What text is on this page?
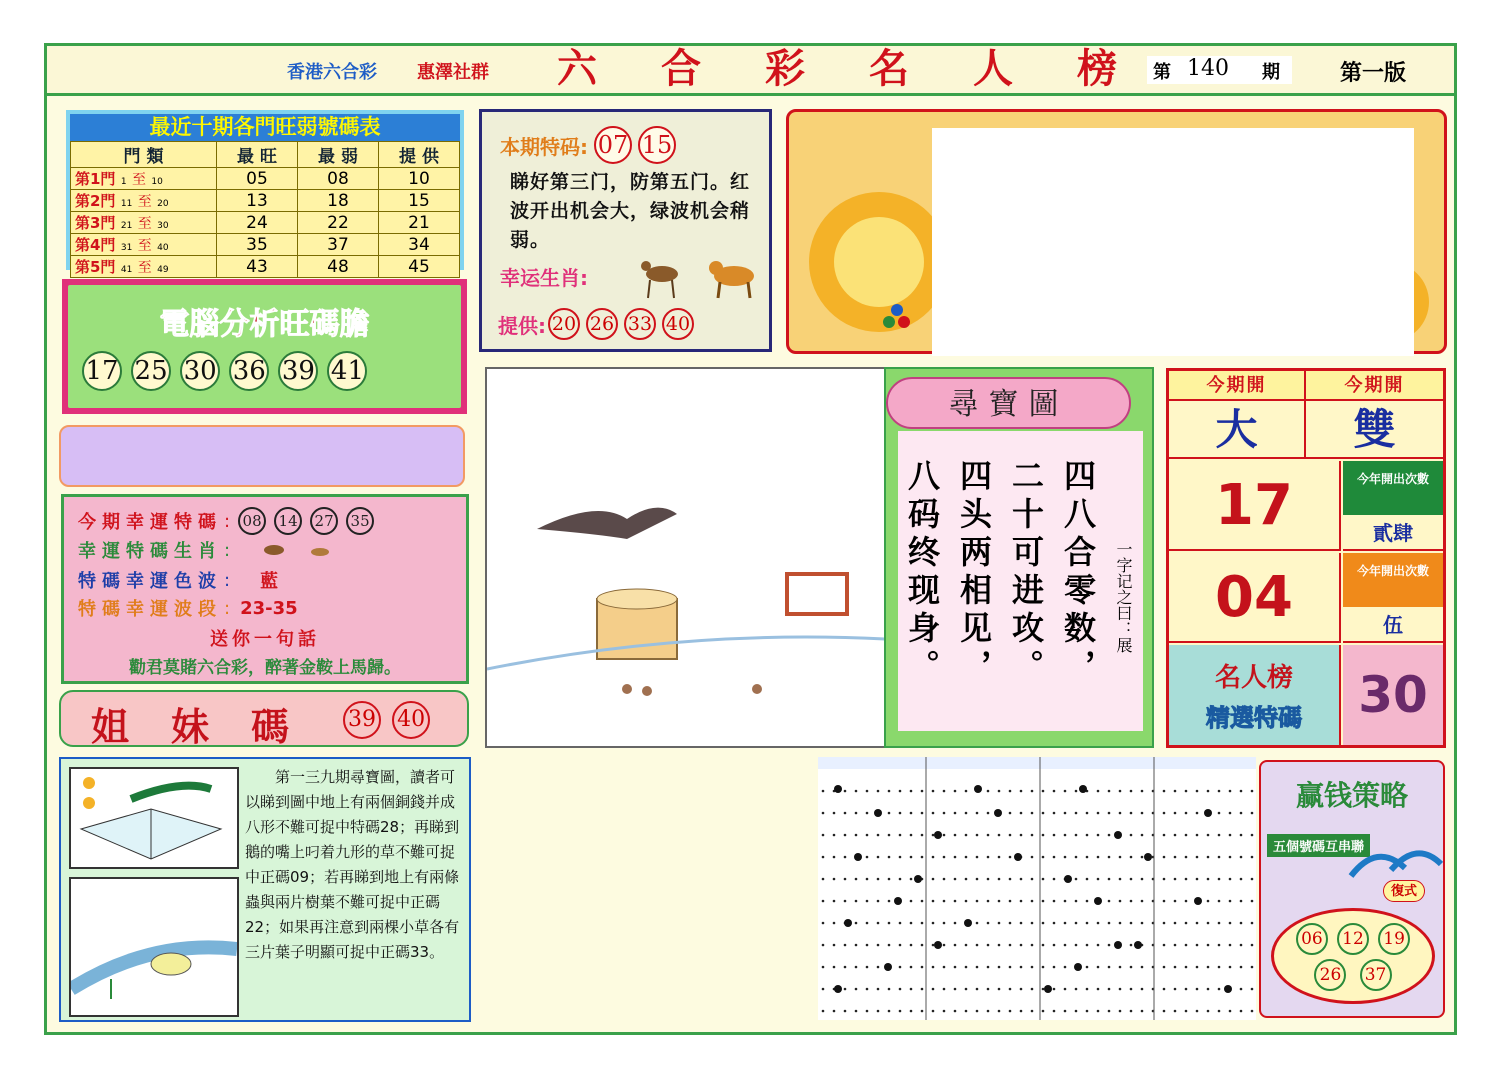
香港六合彩 惠澤社群 六 合 彩 名 人 榜 第 140 期	第一版
最近十期各門旺弱號碼表
門 類	最 旺	最 弱	提 供
第1門 1 至 10	05	08	10
第2門 11 至 20	13	18	15
第3門 21 至 30	24	22	21
第4門 31 至 40	35	37	34
第5門 41 至 49	43	48	45
電腦分析旺碼膽
17 25 30 36 39 41
本期特码: 07 15
睇好第三门，防第五门。红波开出机会大，绿波机会稍弱。
幸运生肖:
提供: 20 26 33 40
今期幸運特碼 : 08 14 27 35
幸運特碼生肖 :
特碼幸運色波 : 藍
特碼幸運波段 : 23-35
送你一句話
勸君莫賭六合彩，醉著金鞍上馬歸。
姐妹碼 39 40
第一三九期尋寶圖，讀者可以睇到圖中地上有兩個銅錢并成八形不難可捉中特碼28；再睇到鵝的嘴上叼着九形的草不難可捉中正碼09；若再睇到地上有兩條蟲與兩片樹葉不難可捉中正碼22；如果再注意到兩棵小草各有三片葉子明顯可捉中正碼33。
尋寶圖
四八合零数，
二十可进攻。
四头两相见，
八码终现身。	一字记之曰：展
今期開	今期開
大	雙
17	今年開出次數
貳肆
04	今年開出次數
伍
名人榜
精選特碼	30
赢钱策略
五個號碼互串聯
復式
06 12 19
26 37
